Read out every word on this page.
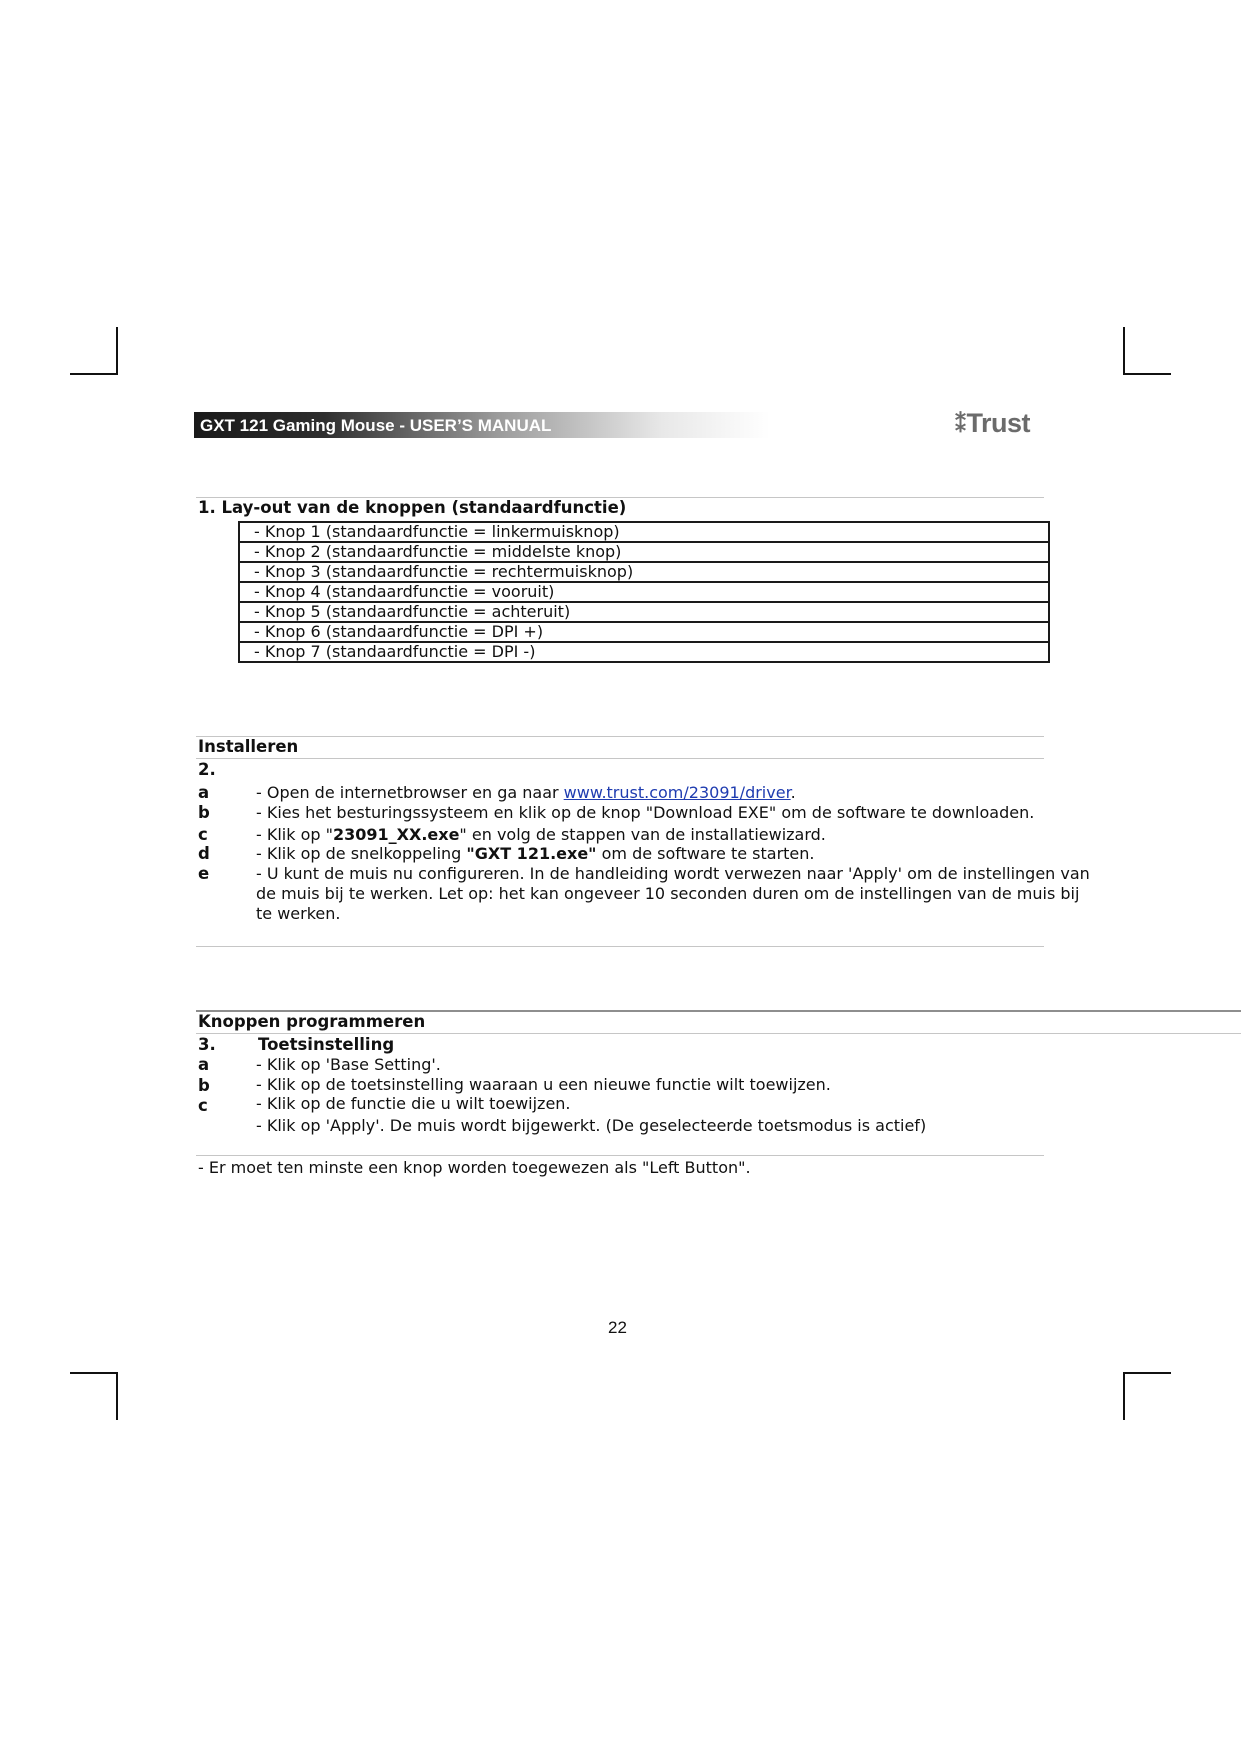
GXT 121 Gaming Mouse - USER’S MANUAL	⁑Trust
1. Lay-out van de knoppen (standaardfunctie)
- Knop 1 (standaardfunctie = linkermuisknop)
- Knop 2 (standaardfunctie = middelste knop)
- Knop 3 (standaardfunctie = rechtermuisknop)
- Knop 4 (standaardfunctie = vooruit)
- Knop 5 (standaardfunctie = achteruit)
- Knop 6 (standaardfunctie = DPI +)
- Knop 7 (standaardfunctie = DPI -)
Installeren
2.
a	- Open de internetbrowser en ga naar www.trust.com/23091/driver.
b	- Kies het besturingssysteem en klik op de knop "Download EXE" om de software te downloaden.
c	- Klik op "23091_XX.exe" en volg de stappen van de installatiewizard.
d	- Klik op de snelkoppeling "GXT 121.exe" om de software te starten.
e	- U kunt de muis nu configureren. In de handleiding wordt verwezen naar 'Apply' om de instellingen van
de muis bij te werken. Let op: het kan ongeveer 10 seconden duren om de instellingen van de muis bij
te werken.
Knoppen programmeren
3.	Toetsinstelling
a	- Klik op 'Base Setting'.
b	- Klik op de toetsinstelling waaraan u een nieuwe functie wilt toewijzen.
c	- Klik op de functie die u wilt toewijzen.
- Klik op 'Apply'. De muis wordt bijgewerkt. (De geselecteerde toetsmodus is actief)
- Er moet ten minste een knop worden toegewezen als "Left Button".
22
